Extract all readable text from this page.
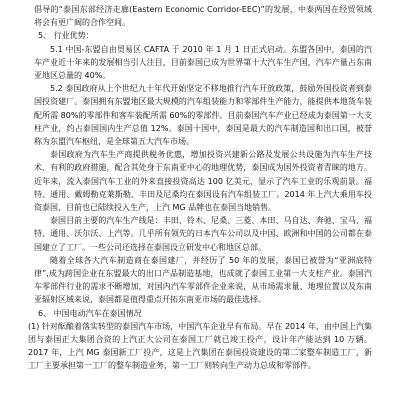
倡导的“泰国东部经济走廊(Eastern Economic Corridor-EEC)”的发展，中泰两国在经贸领域将会有更广阔的合作空间。

5、 行业优势：

5.1 中国-东盟自由贸易区 CAFTA 于 2010 年 1 月 1 日正式启动。东盟各国中，泰国的汽车产业近十年来的发展相当引人注目，目前泰国已成为世界第十大汽车生产国，汽车产量占东南亚地区总量的 40%。

5.2 泰国政府从上个世纪九十年代开始坚定不移地推行汽车开放政策，鼓励外国投资者到泰国投资建厂。泰国拥有东盟地区最大规模的汽车组装能力和零部件生产能力，能提供本地货车装配所需 80%的零部件和客车装配所需 60%的零部件。目前泰国汽车产业已经成为泰国第一大支柱产业，约占泰国国内生产总值 12%。泰国十国中，泰国是最大的汽车制造国和出口国，被誉称为东盟汽车枢纽，是全球第五大汽车市场。

泰国政府为汽车生产商提供税务优惠，增加投资兴建新公路及发展公共设施为汽车生产技术、有利的政府措施，配合其处身于东南亚中心的地理优势，泰国成为国外投资者青睐的地方。近年来，流入泰国汽车工业的外来直接投资高达 100 亿美元，显示了汽车工业的乐观前景。福特、通用、戴姆勒克莱斯勒、丰田及尼桑均在泰国设有汽车组装工厂。2014 年上汽大乘用车投资泰国，目前也已陆续投入生产，上汽 MG 品牌也在泰国当地销售。

泰国目前主要的汽车生产线是：丰田、铃木、尼桑、三菱、本田、马自达、奔驰、宝马、福特、通用、沃尔沃、上汽等。几乎所有领先的日本汽车公司以及中国、欧洲和中国的公司都在泰国建立了工厂。一些公司还选择在泰国设立研发中心和地区总部。

随着全球各大汽车制造商在泰国建厂，并经历了 50 年的发展，泰国已被誉为“亚洲底特律”,成为跨国企业在东盟最大的出口产品制造基地，也成就了泰国工业第一大支柱产业。泰国汽车零部件行业的需求不断增加，对国内汽车零部件企业来说，从市场需求量、地理位置以及东南亚辐射区域来说，泰国都是值得重点开拓东南亚市场的最佳选择。

6、 中国电动汽车在泰国情况

(1) 针对酝酿着落实转型的泰国汽车市场，中国汽车企业早有布局。早在 2014 年，由中国上汽集团与泰国正大集团合资的上汽正大公司在泰国工厂就已竣工投产，设计年产能达到 10 万辆。2017 年，上汽 MG 泰国新工厂投产，这是上汽集团在泰国投资建设的第二家整车制造工厂，新工厂主要承担第一工厂的整车制造业务，第一工厂则转向生产动力总成和零部件。
